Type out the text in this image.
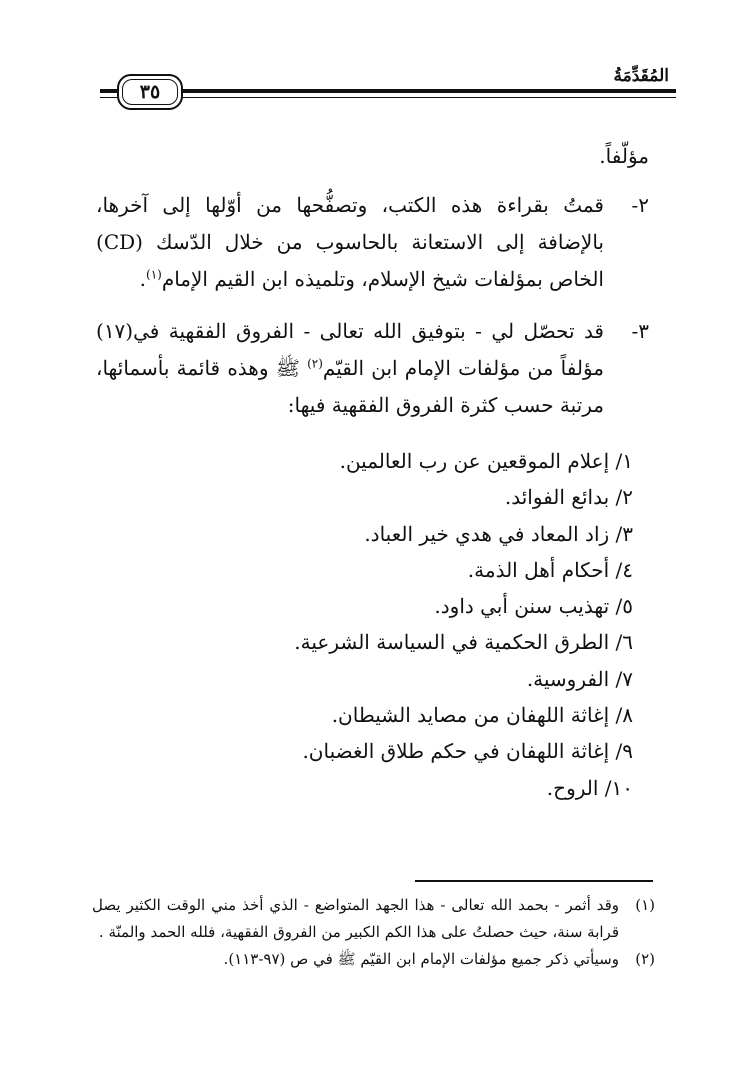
المُقَدِّمَةُ
٣٥
مؤلّفاً.
٢-
قمتُ بقراءة هذه الكتب، وتصفُّحها من أوّلها إلى آخرها، بالإضافة إلى الاستعانة بالحاسوب من خلال الدّسك (CD) الخاص بمؤلفات شيخ الإسلام، وتلميذه ابن القيم الإمام$^{(١)}$.
٣-
قد تحصّل لي - بتوفيق الله تعالى - الفروق الفقهية في(١٧) مؤلفاً من مؤلفات الإمام ابن القيّم$^{(٢)}$ ﷺ وهذه قائمة بأسمائها، مرتبة حسب كثرة الفروق الفقهية فيها:
١/ إعلام الموقعين عن رب العالمين.
٢/ بدائع الفوائد.
٣/ زاد المعاد في هدي خير العباد.
٤/ أحكام أهل الذمة.
٥/ تهذيب سنن أبي داود.
٦/ الطرق الحكمية في السياسة الشرعية.
٧/ الفروسية.
٨/ إغاثة اللهفان من مصايد الشيطان.
٩/ إغاثة اللهفان في حكم طلاق الغضبان.
١٠/ الروح.
(١)
وقد أثمر - بحمد الله تعالى - هذا الجهد المتواضع - الذي أخذ مني الوقت الكثير يصل قرابة سنة، حيث حصلتُ على هذا الكم الكبير من الفروق الفقهية، فلله الحمد والمنّة .
(٢)
وسيأتي ذكر جميع مؤلفات الإمام ابن القيّم ﷺ في ص (٩٧-١١٣).
